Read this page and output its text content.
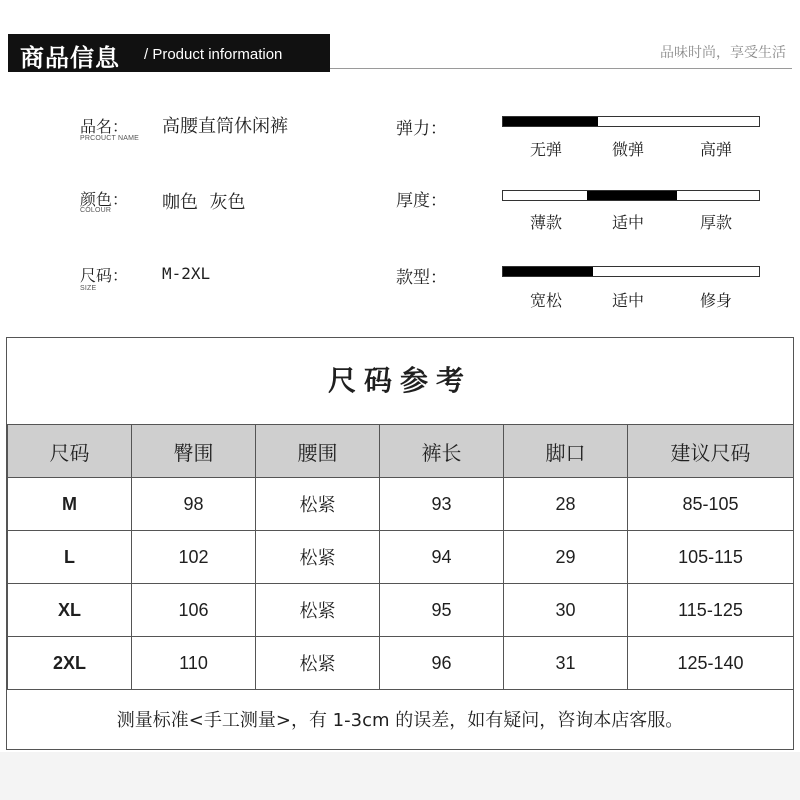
商品信息 / Product information	品味时尚，享受生活
品名：
PRCOUCT NAME
高腰直筒休闲裤
颜色：
COLOUR	咖色  灰色
尺码：
SIZE
M-2XL
弹力：
无弹	微弹	高弹
厚度：
薄款	适中	厚款
款型：
宽松	适中	修身
尺码参考
尺码	臀围	腰围	裤长	脚口	建议尺码
M	98	松紧	93	28	85-105
L	102	松紧	94	29	105-115
XL	106	松紧	95	30	115-125
2XL	110	松紧	96	31	125-140
测量标准<手工测量>，有 1-3cm 的误差，如有疑问，咨询本店客服。
